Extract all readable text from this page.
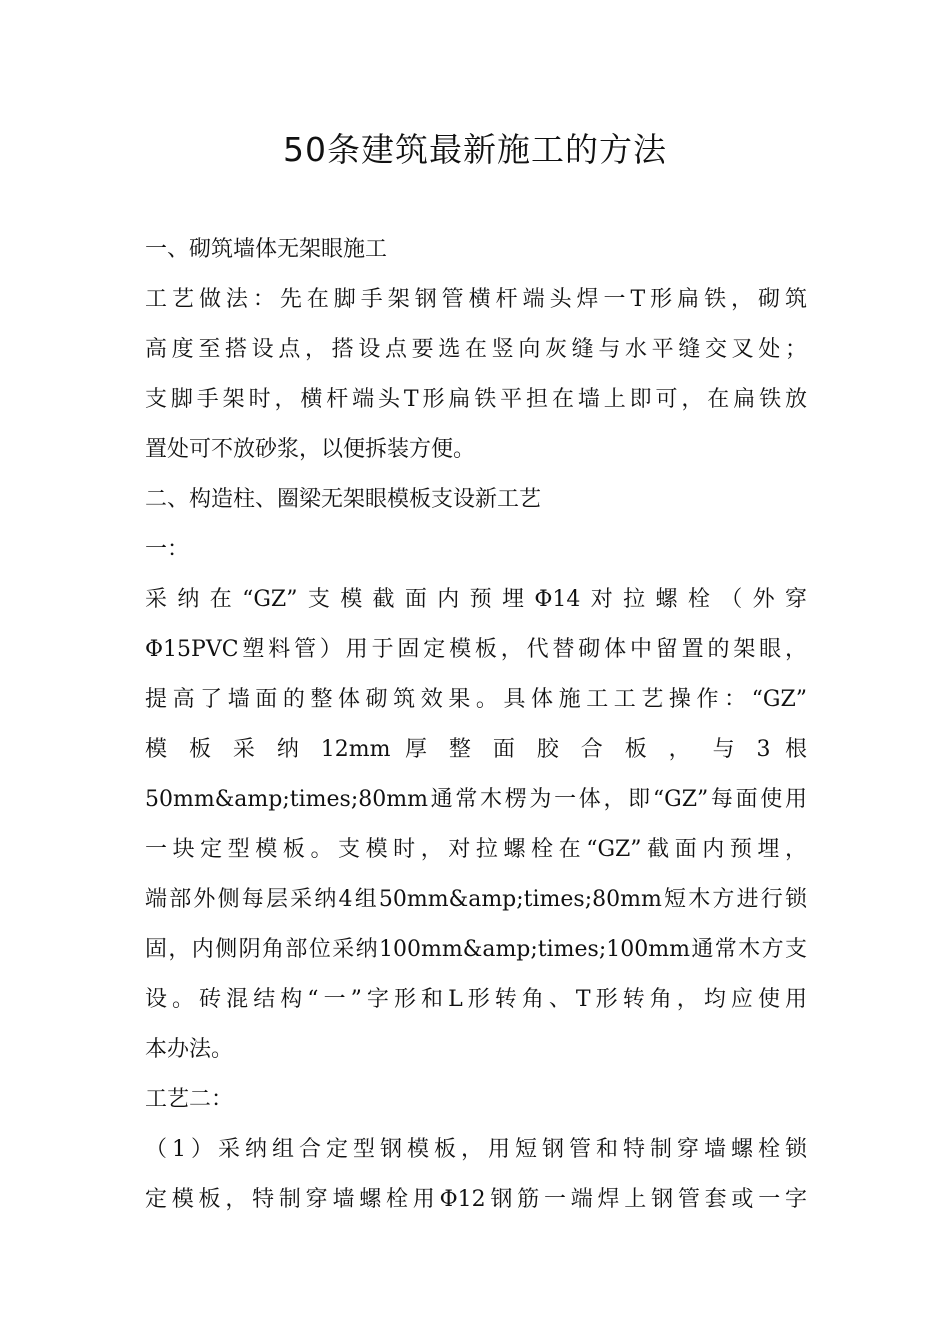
50条建筑最新施工的方法
一、砌筑墙体无架眼施工
工艺做法：先在脚手架钢管横杆端头焊一T形扁铁，砌筑
高度至搭设点，搭设点要选在竖向灰缝与水平缝交叉处；
支脚手架时，横杆端头T形扁铁平担在墙上即可，在扁铁放
置处可不放砂浆，以便拆装方便。
二、构造柱、圈梁无架眼模板支设新工艺
一：
采纳在“GZ”支模截面内预埋Φ14对拉螺栓（外穿
Φ15PVC塑料管）用于固定模板，代替砌体中留置的架眼，
提高了墙面的整体砌筑效果。具体施工工艺操作：“GZ”
模 板 采 纳 12mm 厚 整 面 胶 合 板 ， 与 3 根
50mm&amp;times;80mm通常木楞为一体，即“GZ”每面使用
一块定型模板。支模时，对拉螺栓在“GZ”截面内预埋，
端部外侧每层采纳4组50mm&amp;times;80mm短木方进行锁
固，内侧阴角部位采纳100mm&amp;times;100mm通常木方支
设。砖混结构“一”字形和L形转角、T形转角，均应使用
本办法。
工艺二：
（1）采纳组合定型钢模板，用短钢管和特制穿墙螺栓锁
定模板，特制穿墙螺栓用Φ12钢筋一端焊上钢管套或一字
